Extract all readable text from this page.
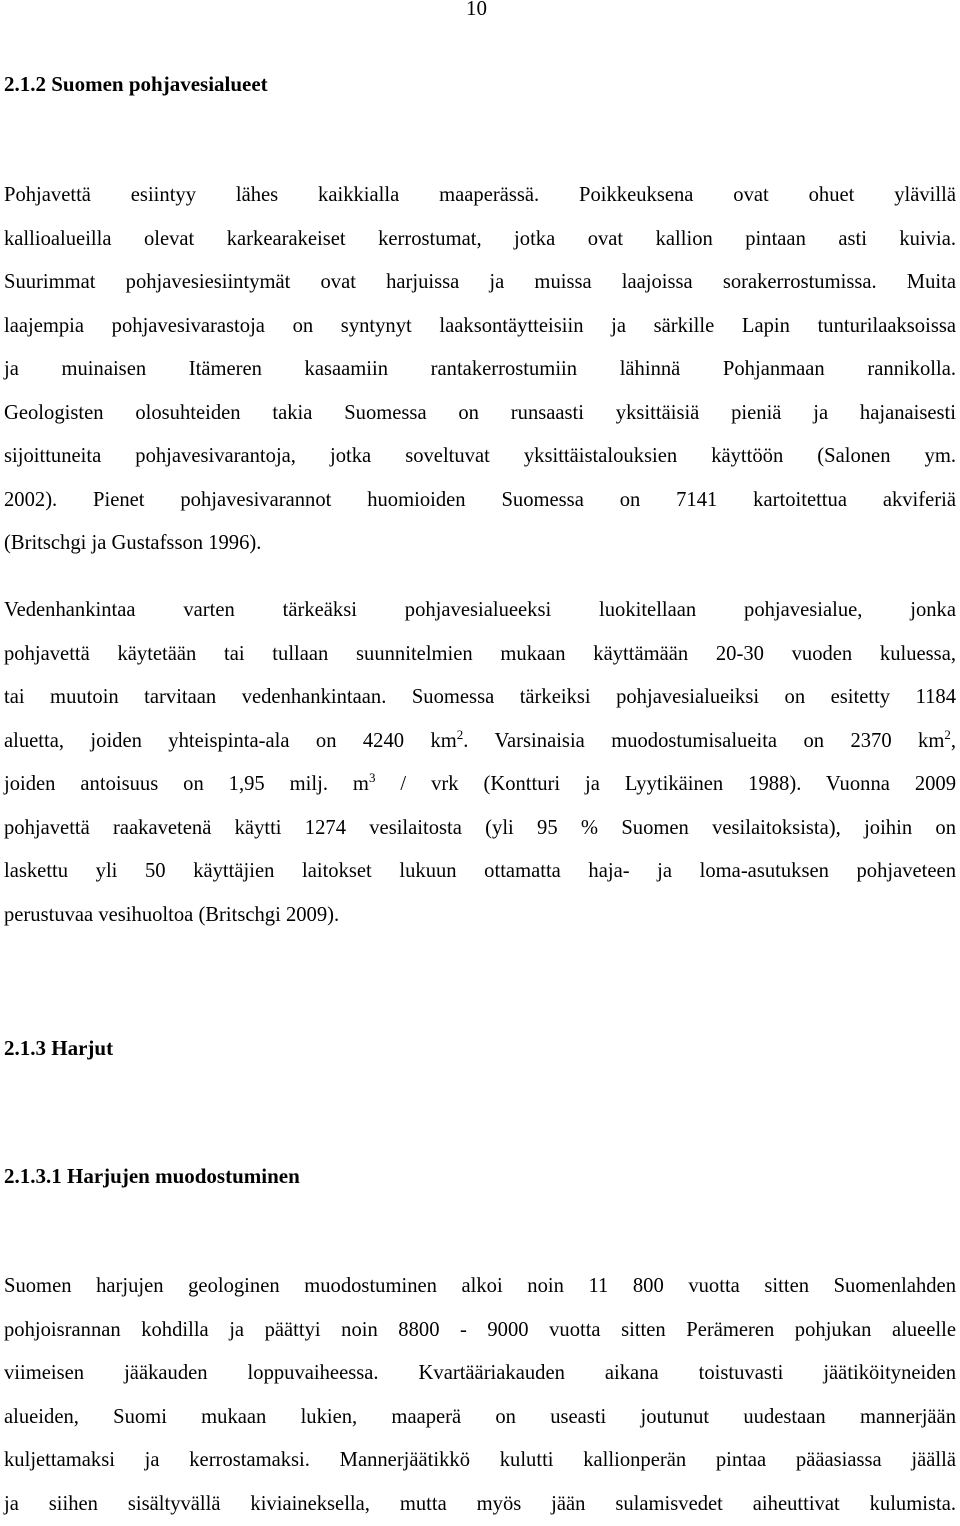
10
2.1.2 Suomen pohjavesialueet
Pohjavettä esiintyy lähes kaikkialla maaperässä. Poikkeuksena ovat ohuet ylävillä
kallioalueilla olevat karkearakeiset kerrostumat, jotka ovat kallion pintaan asti kuivia.
Suurimmat pohjavesiesiintymät ovat harjuissa ja muissa laajoissa sorakerrostumissa. Muita
laajempia pohjavesivarastoja on syntynyt laaksontäytteisiin ja särkille Lapin tunturilaaksoissa
ja muinaisen Itämeren kasaamiin rantakerrostumiin lähinnä Pohjanmaan rannikolla.
Geologisten olosuhteiden takia Suomessa on runsaasti yksittäisiä pieniä ja hajanaisesti
sijoittuneita pohjavesivarantoja, jotka soveltuvat yksittäistalouksien käyttöön (Salonen ym.
2002). Pienet pohjavesivarannot huomioiden Suomessa on 7141 kartoitettua akviferiä
(Britschgi ja Gustafsson 1996).
Vedenhankintaa varten tärkeäksi pohjavesialueeksi luokitellaan pohjavesialue, jonka
pohjavettä käytetään tai tullaan suunnitelmien mukaan käyttämään 20-30 vuoden kuluessa,
tai muutoin tarvitaan vedenhankintaan. Suomessa tärkeiksi pohjavesialueiksi on esitetty 1184
aluetta, joiden yhteispinta-ala on 4240 $km^2$. Varsinaisia muodostumisalueita on 2370 $km^2$,
joiden antoisuus on 1,95 milj. $m^3$ / vrk (Kontturi ja Lyytikäinen 1988). Vuonna 2009
pohjavettä raakavetenä käytti 1274 vesilaitosta (yli 95 % Suomen vesilaitoksista), joihin on
laskettu yli 50 käyttäjien laitokset lukuun ottamatta haja- ja loma-asutuksen pohjaveteen
perustuvaa vesihuoltoa (Britschgi 2009).
2.1.3 Harjut
2.1.3.1 Harjujen muodostuminen
Suomen harjujen geologinen muodostuminen alkoi noin 11 800 vuotta sitten Suomenlahden
pohjoisrannan kohdilla ja päättyi noin 8800 - 9000 vuotta sitten Perämeren pohjukan alueelle
viimeisen jääkauden loppuvaiheessa. Kvartääriakauden aikana toistuvasti jäätiköityneiden
alueiden, Suomi mukaan lukien, maaperä on useasti joutunut uudestaan mannerjään
kuljettamaksi ja kerrostamaksi. Mannerjäätikkö kulutti kallionperän pintaa pääasiassa jäällä
ja siihen sisältyvällä kiviaineksella, mutta myös jään sulamisvedet aiheuttivat kulumista.
